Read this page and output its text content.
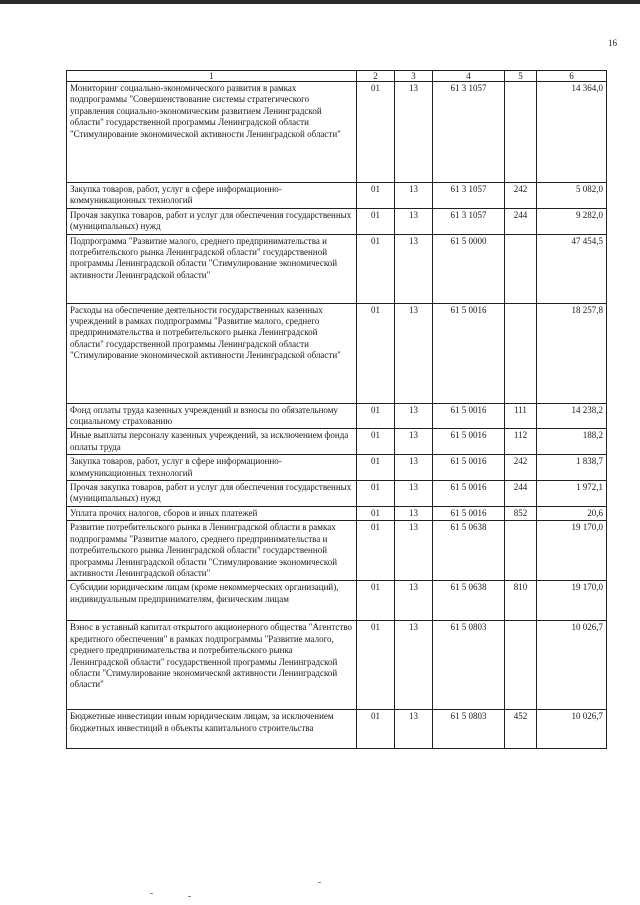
16
1	2	3	4	5	6
Мониторинг социально-экономического развития в рамках подпрограммы "Совершенствование системы стратегического управления социально-экономическим развитием Ленинградской области" государственной программы Ленинградской области "Стимулирование экономической активности Ленинградской области"	01	13	61 3 1057		14 364,0
Закупка товаров, работ, услуг в сфере информационно-коммуникационных технологий	01	13	61 3 1057	242	5 082,0
Прочая закупка товаров, работ и услуг для обеспечения государственных (муниципальных) нужд	01	13	61 3 1057	244	9 282,0
Подпрограмма "Развитие малого, среднего предпринимательства и потребительского рынка Ленинградской области" государственной программы Ленинградской области "Стимулирование экономической активности Ленинградской области"	01	13	61 5 0000		47 454,5
Расходы на обеспечение деятельности государственных казенных учреждений в рамках подпрограммы "Развитие малого, среднего предпринимательства и потребительского рынка Ленинградской области" государственной программы Ленинградской области "Стимулирование экономической активности Ленинградской области"	01	13	61 5 0016		18 257,8
Фонд оплаты труда казенных учреждений и взносы по обязательному социальному страхованию	01	13	61 5 0016	111	14 238,2
Иные выплаты персоналу казенных учреждений, за исключением фонда оплаты труда	01	13	61 5 0016	112	188,2
Закупка товаров, работ, услуг в сфере информационно-коммуникационных технологий	01	13	61 5 0016	242	1 838,7
Прочая закупка товаров, работ и услуг для обеспечения государственных (муниципальных) нужд	01	13	61 5 0016	244	1 972,1
Уплата прочих налогов, сборов и иных платежей	01	13	61 5 0016	852	20,6
Развитие потребительского рынка в Ленинградской области в рамках подпрограммы "Развитие малого, среднего предпринимательства и потребительского рынка Ленинградской области" государственной программы Ленинградской области "Стимулирование экономической активности Ленинградской области"	01	13	61 5 0638		19 170,0
Субсидии юридическим лицам (кроме некоммерческих организаций), индивидуальным предпринимателям, физическим лицам	01	13	61 5 0638	810	19 170,0
Взнос в уставный капитал открытого акционерного общества "Агентство кредитного обеспечения" в рамках подпрограммы "Развитие малого, среднего предпринимательства и потребительского рынка Ленинградской области" государственной программы Ленинградской области "Стимулирование экономической активности Ленинградской области"	01	13	61 5 0803		10 026,7
Бюджетные инвестиции иным юридическим лицам, за исключением бюджетных инвестиций в объекты капитального строительства	01	13	61 5 0803	452	10 026,7
